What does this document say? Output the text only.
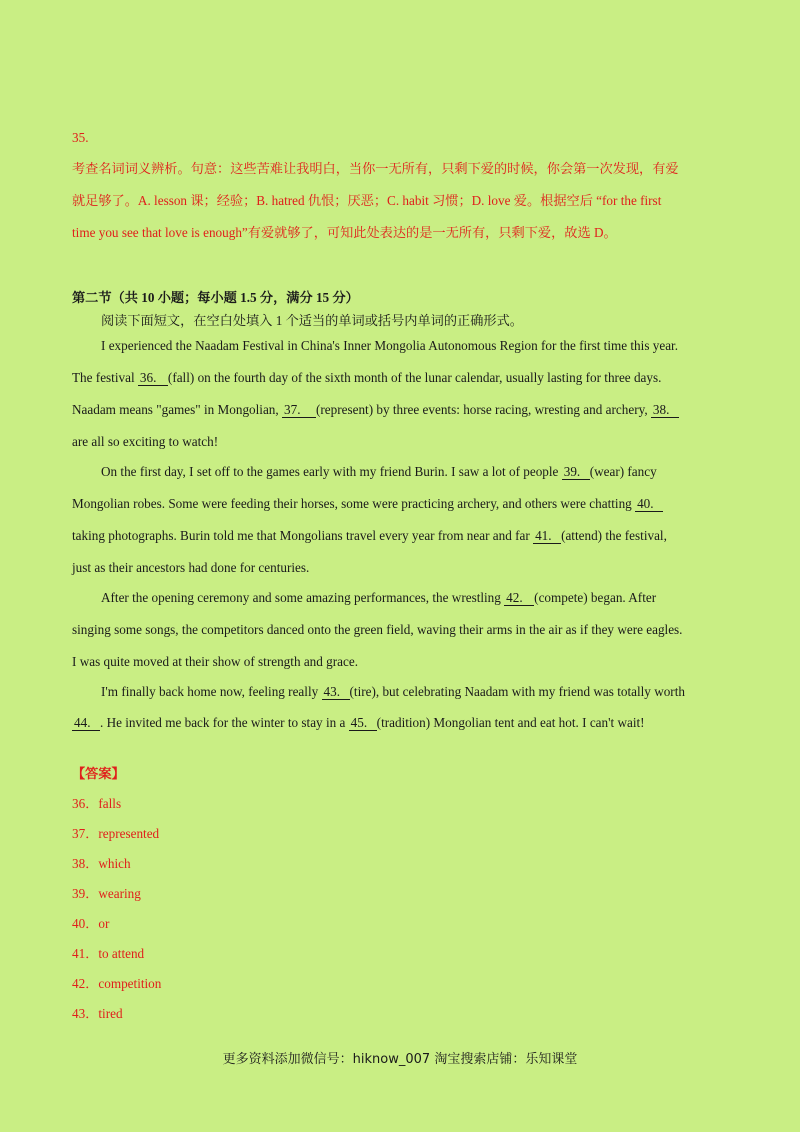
35.
考查名词词义辨析。句意：这些苦难让我明白，当你一无所有，只剩下爱的时候，你会第一次发现，有爱
就足够了。A. lesson 课；经验；B. hatred 仇恨；厌恶；C. habit 习惯；D. love 爱。根据空后 “for the first
time you see that love is enough”有爱就够了，可知此处表达的是一无所有，只剩下爱，故选 D。
第二节（共 10 小题；每小题 1.5 分，满分 15 分）
阅读下面短文，在空白处填入 1 个适当的单词或括号内单词的正确形式。
I experienced the Naadam Festival in China's Inner Mongolia Autonomous Region for the first time this year.
The festival 36. (fall) on the fourth day of the sixth month of the lunar calendar, usually lasting for three days.
Naadam means "games" in Mongolian, 37. (represent) by three events: horse racing, wresting and archery, 38.
are all so exciting to watch!
On the first day, I set off to the games early with my friend Burin. I saw a lot of people 39. (wear) fancy
Mongolian robes. Some were feeding their horses, some were practicing archery, and others were chatting 40.
taking photographs. Burin told me that Mongolians travel every year from near and far 41. (attend) the festival,
just as their ancestors had done for centuries.
After the opening ceremony and some amazing performances, the wrestling 42. (compete) began. After
singing some songs, the competitors danced onto the green field, waving their arms in the air as if they were eagles.
I was quite moved at their show of strength and grace.
I'm finally back home now, feeling really 43. (tire), but celebrating Naadam with my friend was totally worth
44. . He invited me back for the winter to stay in a 45. (tradition) Mongolian tent and eat hot. I can't wait!
【答案】
36．falls
37．represented
38．which
39．wearing
40．or
41．to attend
42．competition
43．tired
更多资料添加微信号：hiknow_007 淘宝搜索店铺：乐知课堂
